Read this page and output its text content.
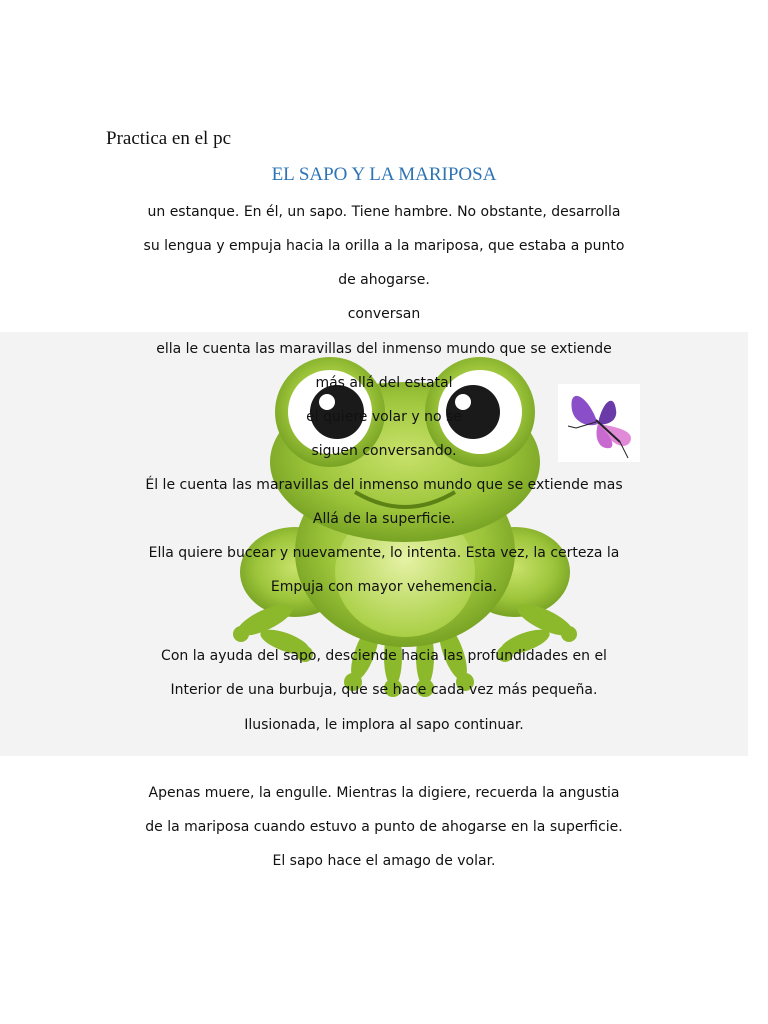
Practica en el pc

EL SAPO Y LA MARIPOSA

un estanque. En él, un sapo. Tiene hambre. No obstante, desarrolla

su lengua y empuja hacia la orilla a la mariposa, que estaba a punto

de ahogarse.

conversan

ella le cuenta las maravillas del inmenso mundo que se extiende

más allá del estatal

él quiere volar y no se

siguen conversando.

Él le cuenta las maravillas del inmenso mundo que se extiende mas

Allá de la superficie.

Ella quiere bucear y nuevamente, lo intenta. Esta vez, la certeza la

Empuja con mayor vehemencia.

Con la ayuda del sapo, desciende hacia las profundidades en el

Interior de una burbuja, que se hace cada vez más pequeña.

Ilusionada, le implora al sapo continuar.

Apenas muere, la engulle. Mientras la digiere, recuerda la angustia

de la mariposa cuando estuvo a punto de ahogarse en la superficie.

El sapo hace el amago de volar.
